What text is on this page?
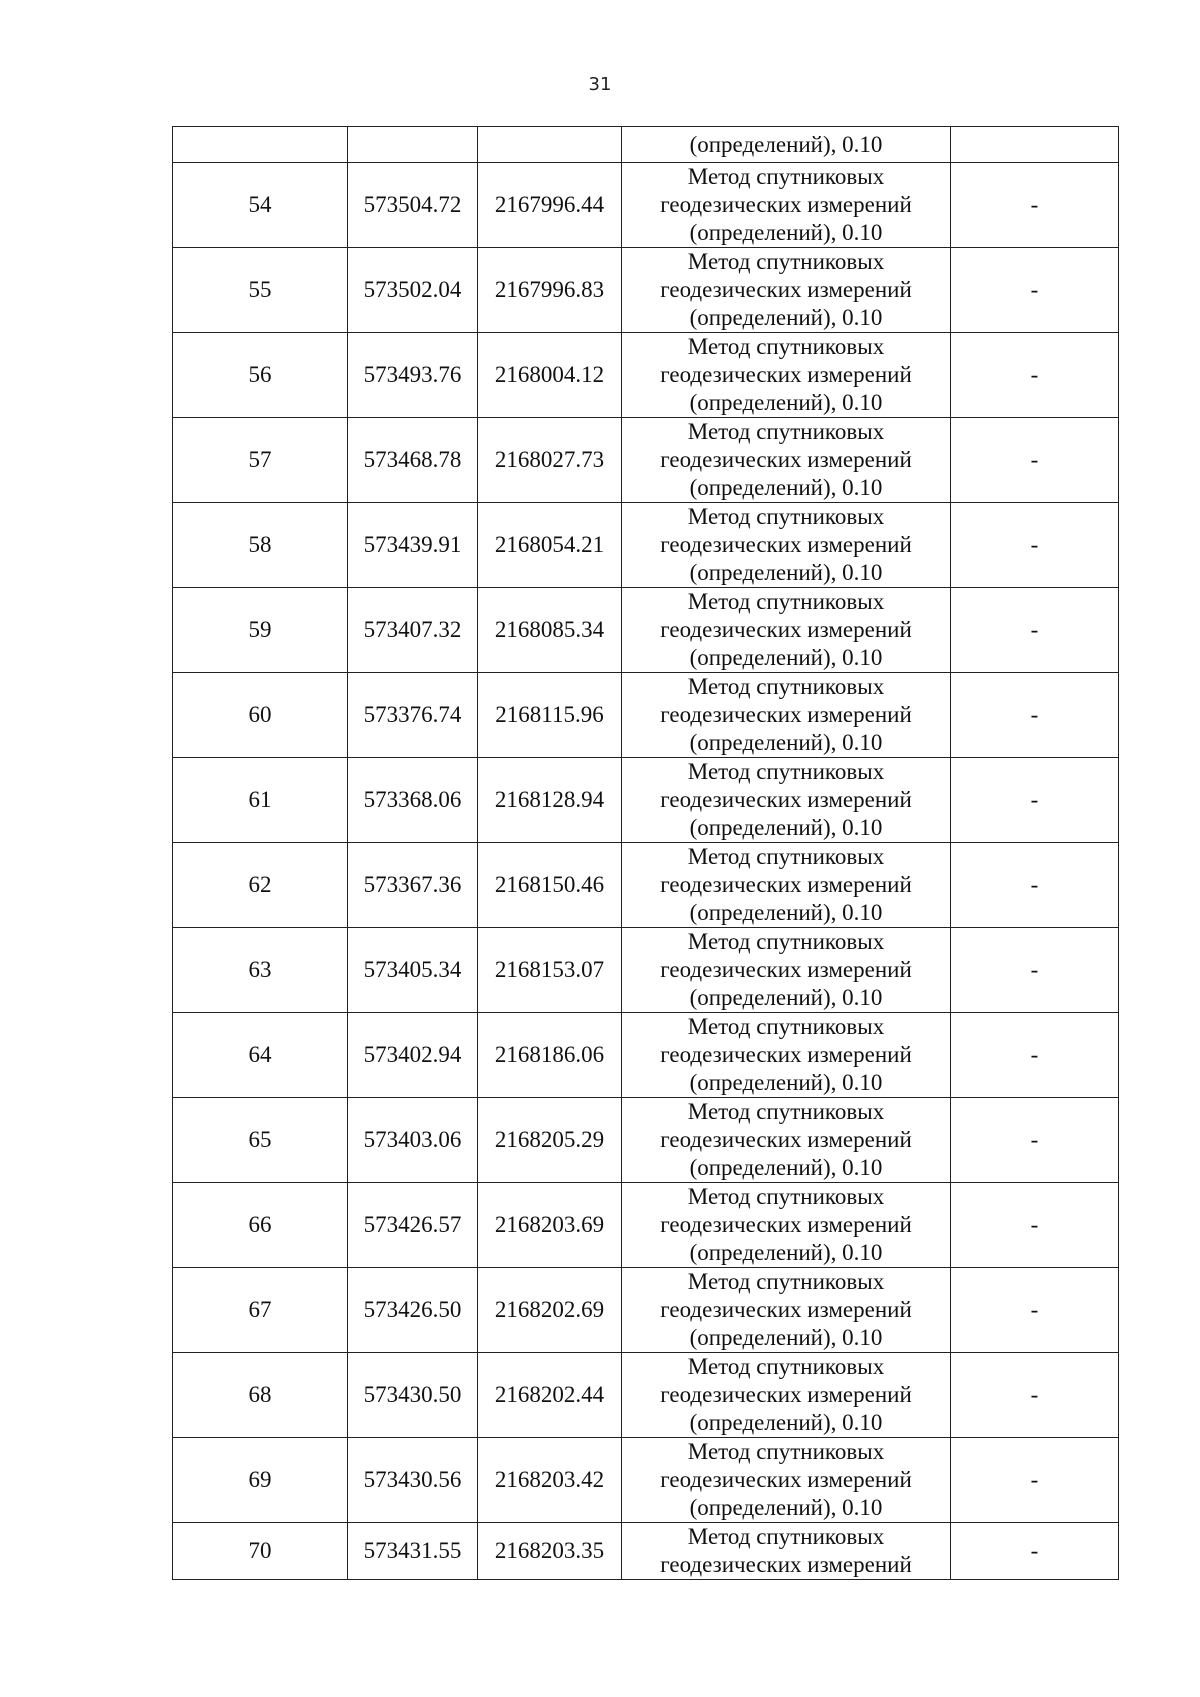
31

			(определений), 0.10	

54	573504.72	2167996.44	Метод спутниковых
геодезических измерений
(определений), 0.10	-
55	573502.04	2167996.83	Метод спутниковых
геодезических измерений
(определений), 0.10	-
56	573493.76	2168004.12	Метод спутниковых
геодезических измерений
(определений), 0.10	-
57	573468.78	2168027.73	Метод спутниковых
геодезических измерений
(определений), 0.10	-
58	573439.91	2168054.21	Метод спутниковых
геодезических измерений
(определений), 0.10	-
59	573407.32	2168085.34	Метод спутниковых
геодезических измерений
(определений), 0.10	-
60	573376.74	2168115.96	Метод спутниковых
геодезических измерений
(определений), 0.10	-
61	573368.06	2168128.94	Метод спутниковых
геодезических измерений
(определений), 0.10	-
62	573367.36	2168150.46	Метод спутниковых
геодезических измерений
(определений), 0.10	-
63	573405.34	2168153.07	Метод спутниковых
геодезических измерений
(определений), 0.10	-
64	573402.94	2168186.06	Метод спутниковых
геодезических измерений
(определений), 0.10	-
65	573403.06	2168205.29	Метод спутниковых
геодезических измерений
(определений), 0.10	-
66	573426.57	2168203.69	Метод спутниковых
геодезических измерений
(определений), 0.10	-
67	573426.50	2168202.69	Метод спутниковых
геодезических измерений
(определений), 0.10	-
68	573430.50	2168202.44	Метод спутниковых
геодезических измерений
(определений), 0.10	-
69	573430.56	2168203.42	Метод спутниковых
геодезических измерений
(определений), 0.10	-
70	573431.55	2168203.35	Метод спутниковых
геодезических измерений	-
